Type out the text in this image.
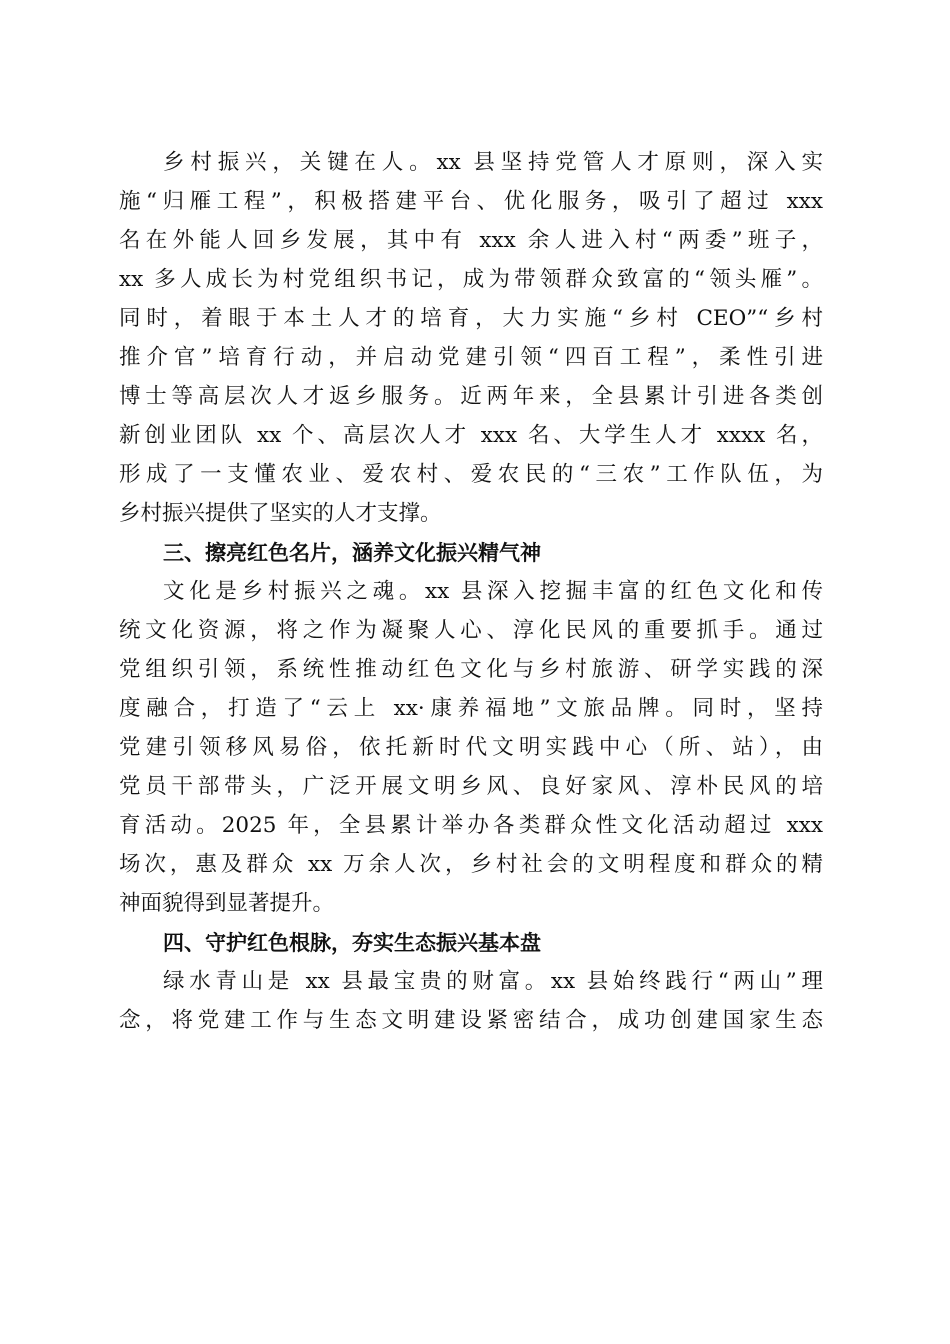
乡村振兴，关键在人。xx 县坚持党管人才原则，深入实
施“归雁工程”，积极搭建平台、优化服务，吸引了超过 xxx
名在外能人回乡发展，其中有 xxx 余人进入村“两委”班子，
xx 多人成长为村党组织书记，成为带领群众致富的“领头雁”。
同时，着眼于本土人才的培育，大力实施“乡村 CEO”“乡村
推介官”培育行动，并启动党建引领“四百工程”，柔性引进
博士等高层次人才返乡服务。近两年来，全县累计引进各类创
新创业团队 xx 个、高层次人才 xxx 名、大学生人才 xxxx 名，
形成了一支懂农业、爱农村、爱农民的“三农”工作队伍，为
乡村振兴提供了坚实的人才支撑。
三、擦亮红色名片，涵养文化振兴精气神
文化是乡村振兴之魂。xx 县深入挖掘丰富的红色文化和传
统文化资源，将之作为凝聚人心、淳化民风的重要抓手。通过
党组织引领，系统性推动红色文化与乡村旅游、研学实践的深
度融合，打造了“云上 xx·康养福地”文旅品牌。同时，坚持
党建引领移风易俗，依托新时代文明实践中心（所、站），由
党员干部带头，广泛开展文明乡风、良好家风、淳朴民风的培
育活动。2025 年，全县累计举办各类群众性文化活动超过 xxx
场次，惠及群众 xx 万余人次，乡村社会的文明程度和群众的精
神面貌得到显著提升。
四、守护红色根脉，夯实生态振兴基本盘
绿水青山是 xx 县最宝贵的财富。xx 县始终践行“两山”理
念，将党建工作与生态文明建设紧密结合，成功创建国家生态
